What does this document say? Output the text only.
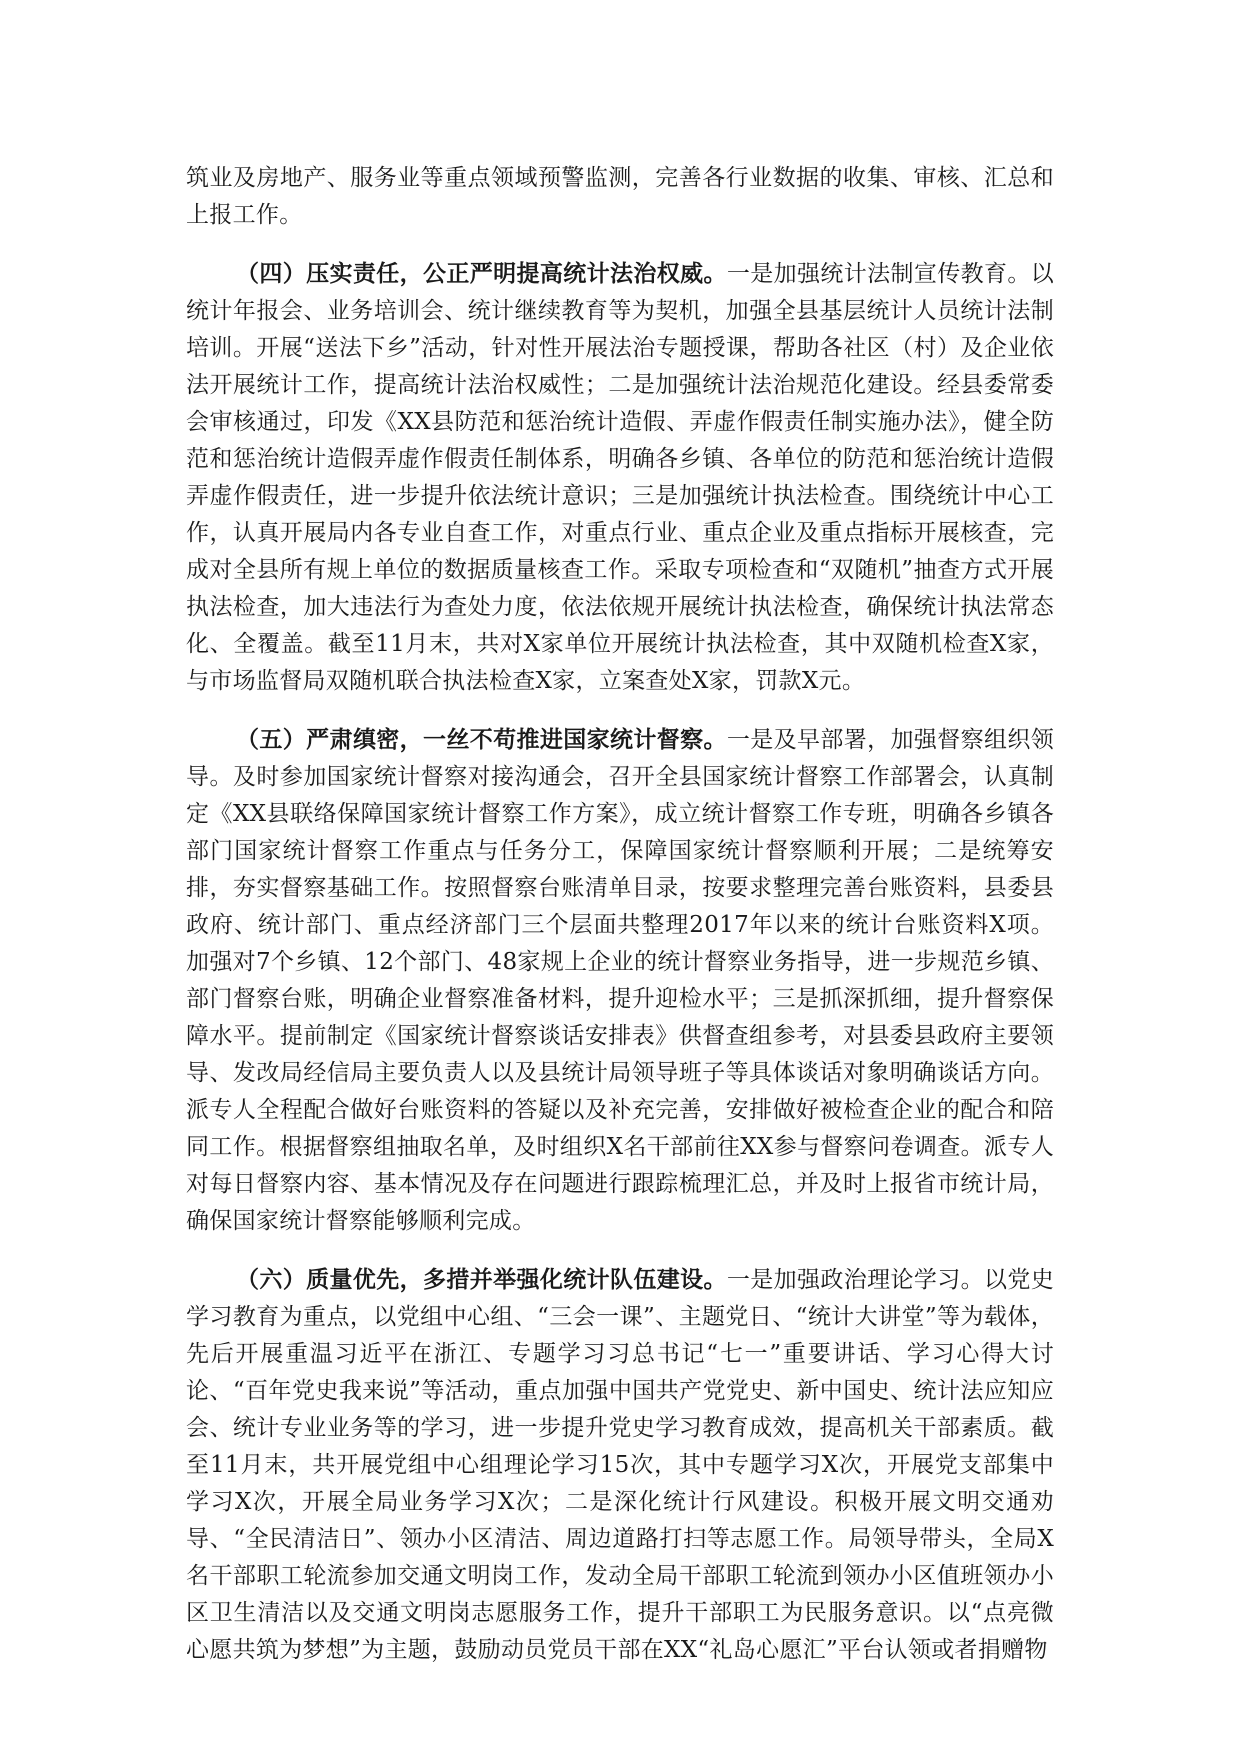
筑业及房地产、服务业等重点领域预警监测，完善各行业数据的收集、审核、汇总和上报工作。

（四）压实责任，公正严明提高统计法治权威。一是加强统计法制宣传教育。以统计年报会、业务培训会、统计继续教育等为契机，加强全县基层统计人员统计法制培训。开展“送法下乡”活动，针对性开展法治专题授课，帮助各社区（村）及企业依法开展统计工作，提高统计法治权威性；二是加强统计法治规范化建设。经县委常委会审核通过，印发《XX县防范和惩治统计造假、弄虚作假责任制实施办法》，健全防范和惩治统计造假弄虚作假责任制体系，明确各乡镇、各单位的防范和惩治统计造假弄虚作假责任，进一步提升依法统计意识；三是加强统计执法检查。围绕统计中心工作，认真开展局内各专业自查工作，对重点行业、重点企业及重点指标开展核查，完成对全县所有规上单位的数据质量核查工作。采取专项检查和“双随机”抽查方式开展执法检查，加大违法行为查处力度，依法依规开展统计执法检查，确保统计执法常态化、全覆盖。截至11月末，共对X家单位开展统计执法检查，其中双随机检查X家，与市场监督局双随机联合执法检查X家，立案查处X家，罚款X元。

（五）严肃缜密，一丝不苟推进国家统计督察。一是及早部署，加强督察组织领导。及时参加国家统计督察对接沟通会，召开全县国家统计督察工作部署会，认真制定《XX县联络保障国家统计督察工作方案》，成立统计督察工作专班，明确各乡镇各部门国家统计督察工作重点与任务分工，保障国家统计督察顺利开展；二是统筹安排，夯实督察基础工作。按照督察台账清单目录，按要求整理完善台账资料，县委县政府、统计部门、重点经济部门三个层面共整理2017年以来的统计台账资料X项。加强对7个乡镇、12个部门、48家规上企业的统计督察业务指导，进一步规范乡镇、部门督察台账，明确企业督察准备材料，提升迎检水平；三是抓深抓细，提升督察保障水平。提前制定《国家统计督察谈话安排表》供督查组参考，对县委县政府主要领导、发改局经信局主要负责人以及县统计局领导班子等具体谈话对象明确谈话方向。派专人全程配合做好台账资料的答疑以及补充完善，安排做好被检查企业的配合和陪同工作。根据督察组抽取名单，及时组织X名干部前往XX参与督察问卷调查。派专人对每日督察内容、基本情况及存在问题进行跟踪梳理汇总，并及时上报省市统计局，确保国家统计督察能够顺利完成。

（六）质量优先，多措并举强化统计队伍建设。一是加强政治理论学习。以党史学习教育为重点，以党组中心组、“三会一课”、主题党日、“统计大讲堂”等为载体，先后开展重温习近平在浙江、专题学习习总书记“七一”重要讲话、学习心得大讨论、“百年党史我来说”等活动，重点加强中国共产党党史、新中国史、统计法应知应会、统计专业业务等的学习，进一步提升党史学习教育成效，提高机关干部素质。截至11月末，共开展党组中心组理论学习15次，其中专题学习X次，开展党支部集中学习X次，开展全局业务学习X次；二是深化统计行风建设。积极开展文明交通劝导、“全民清洁日”、领办小区清洁、周边道路打扫等志愿工作。局领导带头，全局X名干部职工轮流参加交通文明岗工作，发动全局干部职工轮流到领办小区值班领办小区卫生清洁以及交通文明岗志愿服务工作，提升干部职工为民服务意识。以“点亮微心愿共筑为梦想”为主题，鼓励动员党员干部在XX“礼岛心愿汇”平台认领或者捐赠物
